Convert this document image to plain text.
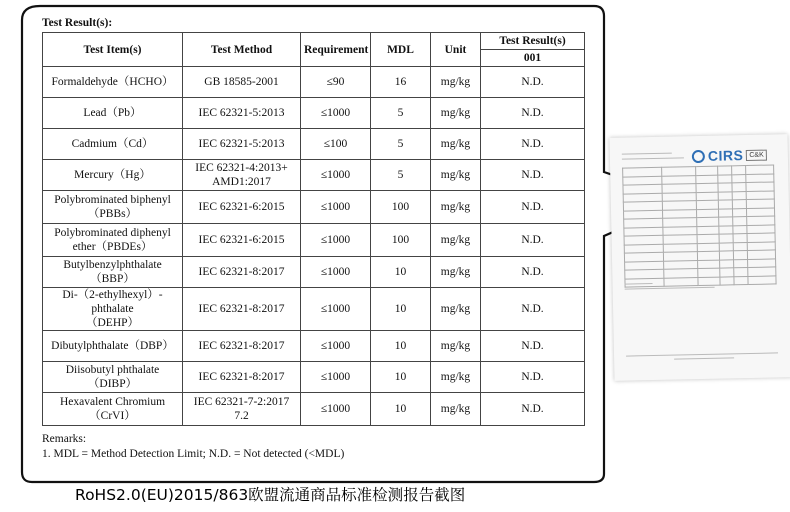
Test Result(s):
Test Item(s)	Test Method	Requirement	MDL	Unit	Test Result(s)
					001
Formaldehyde（HCHO）	GB 18585-2001	≤90	16	mg/kg	N.D.
Lead（Pb）	IEC 62321-5:2013	≤1000	5	mg/kg	N.D.
Cadmium（Cd）	IEC 62321-5:2013	≤100	5	mg/kg	N.D.
Mercury（Hg）	IEC 62321-4:2013+
AMD1:2017	≤1000	5	mg/kg	N.D.
Polybrominated biphenyl
（PBBs）	IEC 62321-6:2015	≤1000	100	mg/kg	N.D.
Polybrominated diphenyl
ether（PBDEs）	IEC 62321-6:2015	≤1000	100	mg/kg	N.D.
Butylbenzylphthalate（BBP）	IEC 62321-8:2017	≤1000	10	mg/kg	N.D.
Di-（2-ethylhexyl）-phthalate
（DEHP）	IEC 62321-8:2017	≤1000	10	mg/kg	N.D.
Dibutylphthalate（DBP）	IEC 62321-8:2017	≤1000	10	mg/kg	N.D.
Diisobutyl phthalate（DIBP）	IEC 62321-8:2017	≤1000	10	mg/kg	N.D.
Hexavalent Chromium
（CrVI）	IEC 62321-7-2:2017
7.2	≤1000	10	mg/kg	N.D.
Remarks:
1. MDL = Method Detection Limit; N.D. = Not detected (<MDL)
RoHS2.0(EU)2015/863欧盟流通商品标准检测报告截图
CIRS C&K
